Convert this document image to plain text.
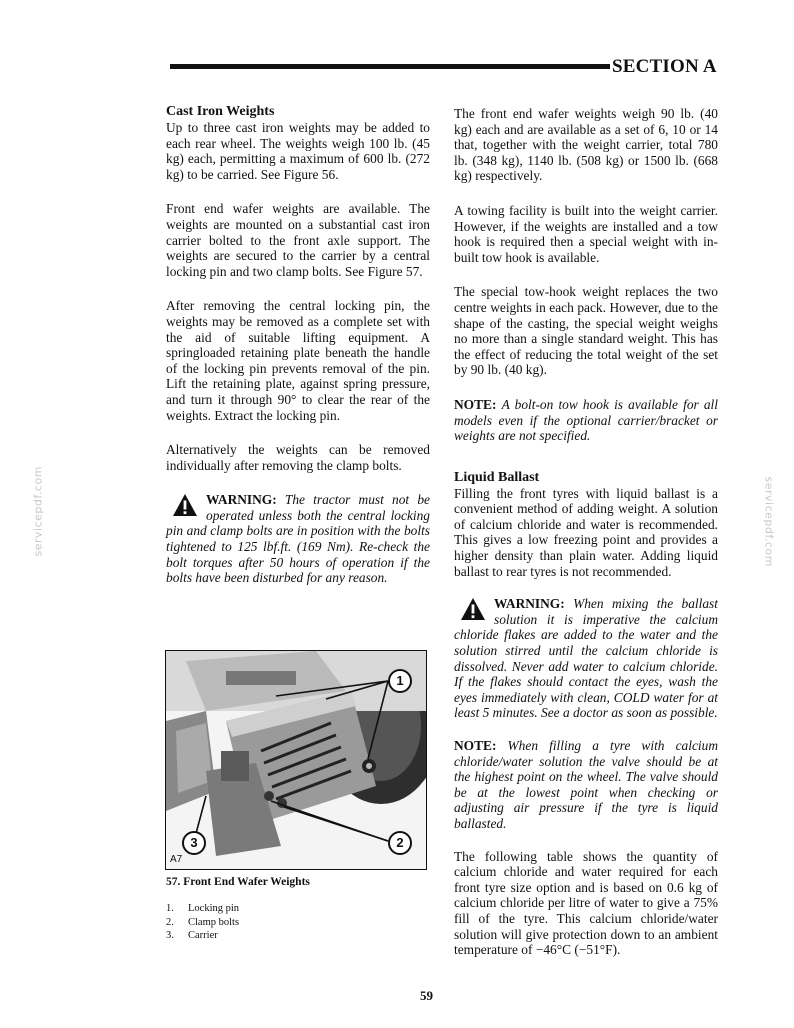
SECTION A
Cast Iron Weights

Up to three cast iron weights may be added to each rear wheel. The weights weigh 100 lb. (45 kg) each, permitting a maximum of 600 lb. (272 kg) to be carried. See Figure 56.

Front end wafer weights are available. The weights are mounted on a substantial cast iron carrier bolted to the front axle support. The weights are secured to the carrier by a central locking pin and two clamp bolts. See Figure 57.

After removing the central locking pin, the weights may be removed as a complete set with the aid of suitable lifting equipment. A springloaded retaining plate beneath the handle of the locking pin prevents removal of the pin. Lift the retaining plate, against spring pressure, and turn it through 90° to clear the rear of the weights. Extract the locking pin.

Alternatively the weights can be removed individually after removing the clamp bolts.

WARNING: The tractor must not be operated unless both the central locking pin and clamp bolts are in position with the bolts tightened to 125 lbf.ft. (169 Nm). Re-check the bolt torques after 50 hours of operation if the bolts have been disturbed for any reason.
1
2
3
A7
57. Front End Wafer Weights
1.	Locking pin
2.	Clamp bolts
3.	Carrier

The front end wafer weights weigh 90 lb. (40 kg) each and are available as a set of 6, 10 or 14 that, together with the weight carrier, total 780 lb. (348 kg), 1140 lb. (508 kg) or 1500 lb. (668 kg) respectively.

A towing facility is built into the weight carrier. However, if the weights are installed and a tow hook is required then a special weight with in-built tow hook is available.

The special tow-hook weight replaces the two centre weights in each pack. However, due to the shape of the casting, the special weight weighs no more than a single standard weight. This has the effect of reducing the total weight of the set by 90 lb. (40 kg).

NOTE: A bolt-on tow hook is available for all models even if the optional carrier/bracket or weights are not specified.

Liquid Ballast

Filling the front tyres with liquid ballast is a convenient method of adding weight. A solution of calcium chloride and water is recommended. This gives a low freezing point and provides a higher density than plain water. Adding liquid ballast to rear tyres is not recommended.

WARNING: When mixing the ballast solution it is imperative the calcium chloride flakes are added to the water and the solution stirred until the calcium chloride is dissolved. Never add water to calcium chloride. If the flakes should contact the eyes, wash the eyes immediately with clean, COLD water for at least 5 minutes. See a doctor as soon as possible.

NOTE: When filling a tyre with calcium chloride/water solution the valve should be at the highest point on the wheel. The valve should be at the lowest point when checking or adjusting air pressure if the tyre is liquid ballasted.

The following table shows the quantity of calcium chloride and water required for each front tyre size option and is based on 0.6 kg of calcium chloride per litre of water to give a 75% fill of the tyre. This calcium chloride/water solution will give protection down to an ambient temperature of −46°C (−51°F).

59
servicepdf.com	servicepdf.com
